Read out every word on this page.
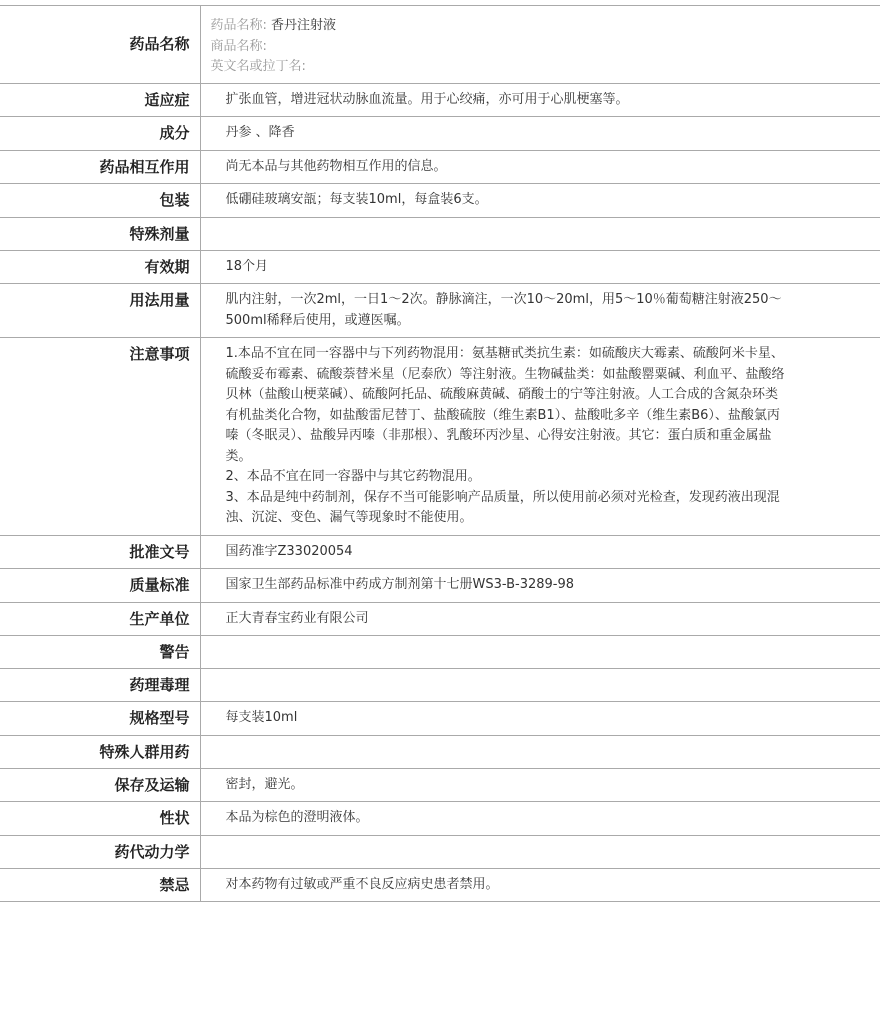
药品名称	药品名称: 香丹注射液
商品名称:
英文名或拉丁名:

适应症	扩张血管，增进冠状动脉血流量。用于心绞痛，亦可用于心肌梗塞等。

成分	丹参 、降香

药品相互作用	尚无本品与其他药物相互作用的信息。

包装	低硼硅玻璃安瓿；每支装10ml，每盒装6支。

特殊剂量	
有效期	18个月

用法用量	肌内注射，一次2ml，一日1～2次。静脉滴注，一次10～20ml，用5～10％葡萄糖注射液250～500ml稀释后使用，或遵医嘱。

注意事项	1.本品不宜在同一容器中与下列药物混用：氨基糖甙类抗生素：如硫酸庆大霉素、硫酸阿米卡星、硫酸妥布霉素、硫酸萘替米星（尼泰欣）等注射液。生物碱盐类：如盐酸罂粟碱、利血平、盐酸络贝林（盐酸山梗菜碱）、硫酸阿托品、硫酸麻黄碱、硝酸士的宁等注射液。人工合成的含氮杂环类有机盐类化合物，如盐酸雷尼替丁、盐酸硫胺（维生素B1）、盐酸吡多辛（维生素B6）、盐酸氯丙嗪（冬眠灵）、盐酸异丙嗪（非那根）、乳酸环丙沙星、心得安注射液。其它：蛋白质和重金属盐类。
2、本品不宜在同一容器中与其它药物混用。
3、本品是纯中药制剂，保存不当可能影响产品质量，所以使用前必须对光检查，发现药液出现混浊、沉淀、变色、漏气等现象时不能使用。

批准文号	国药准字Z33020054

质量标准	国家卫生部药品标准中药成方制剂第十七册WS3-B-3289-98

生产单位	正大青春宝药业有限公司

警告	
药理毒理	
规格型号	每支装10ml

特殊人群用药	
保存及运输	密封，避光。

性状	本品为棕色的澄明液体。

药代动力学	
禁忌	对本药物有过敏或严重不良反应病史患者禁用。
